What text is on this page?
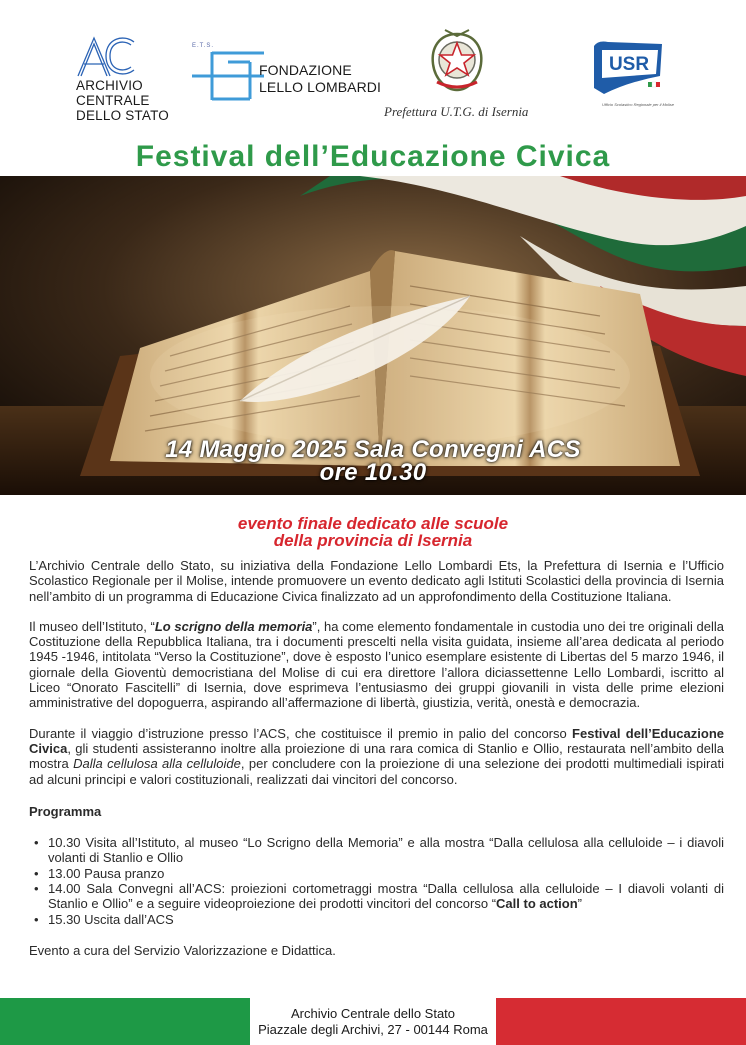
ARCHIVIO
CENTRALE
DELLO STATO
E.T.S.
FONDAZIONE
LELLO LOMBARDI
Prefettura U.T.G. di Isernia
USR
Ufficio Scolastico Regionale per il Molise
Festival dell’Educazione Civica
14 Maggio 2025 Sala Convegni ACS
ore 10.30
evento finale dedicato alle scuole
della provincia di Isernia

L’Archivio Centrale dello Stato, su iniziativa della Fondazione Lello Lombardi Ets, la Prefettura di Isernia e l’Ufficio Scolastico Regionale per il Molise, intende promuovere un evento dedicato agli Istituti Scolastici della provincia di Isernia nell’ambito di un programma di Educazione Civica finalizzato ad un approfondimento della Costituzione Italiana.

Il museo dell’Istituto, “Lo scrigno della memoria”, ha come elemento fondamentale in custodia uno dei tre originali della Costituzione della Repubblica Italiana, tra i documenti prescelti nella visita guidata, insieme all’area dedicata al periodo 1945 -1946, intitolata “Verso la Costituzione”, dove è esposto l’unico esemplare esistente di Libertas del 5 marzo 1946, il giornale della Gioventù democristiana del Molise di cui era direttore l’allora diciassettenne Lello Lombardi, iscritto al Liceo “Onorato Fascitelli” di Isernia, dove esprimeva l’entusiasmo dei gruppi giovanili in vista delle prime elezioni amministrative del dopoguerra, aspirando all’affermazione di libertà, giustizia, verità, onestà e democrazia.

Durante il viaggio d’istruzione presso l’ACS, che costituisce il premio in palio del concorso Festival dell’Educazione Civica, gli studenti assisteranno inoltre alla proiezione di una rara comica di Stanlio e Ollio, restaurata nell’ambito della mostra Dalla cellulosa alla celluloide, per concludere con la proiezione di una selezione dei prodotti multimediali ispirati ad alcuni principi e valori costituzionali, realizzati dai vincitori del concorso.

Programma
• 10.30 Visita all’Istituto, al museo “Lo Scrigno della Memoria” e alla mostra “Dalla cellulosa alla celluloide – i diavoli volanti di Stanlio e Ollio
• 13.00 Pausa pranzo
• 14.00 Sala Convegni all’ACS: proiezioni cortometraggi mostra “Dalla cellulosa alla celluloide – I diavoli volanti di Stanlio e Ollio” e a seguire videoproiezione dei prodotti vincitori del concorso “Call to action”
• 15.30 Uscita dall’ACS
Evento a cura del Servizio Valorizzazione e Didattica.
Archivio Centrale dello Stato
Piazzale degli Archivi, 27 - 00144 Roma
